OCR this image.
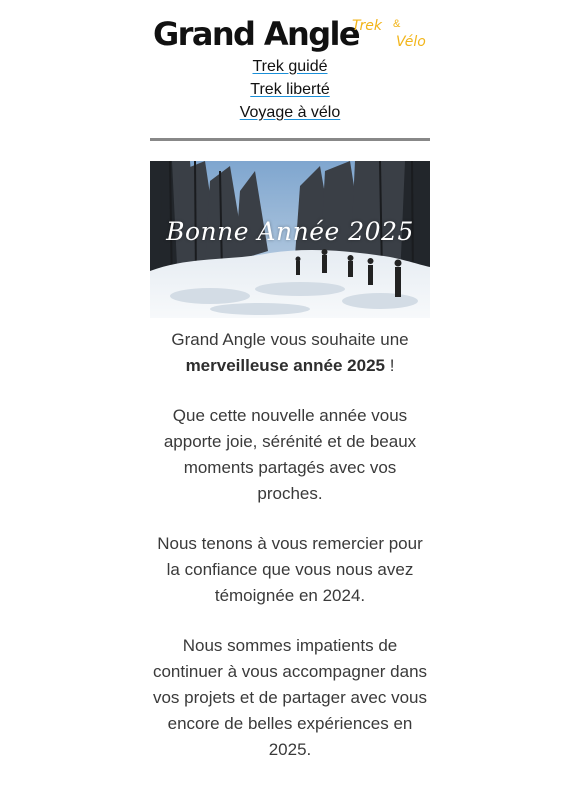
Grand Angle
Trek &
Vélo
Trek guidé
Trek liberté
Voyage à vélo
Bonne Année 2025

Grand Angle vous souhaite une merveilleuse année 2025 !

Que cette nouvelle année vous apporte joie, sérénité et de beaux moments partagés avec vos proches.

Nous tenons à vous remercier pour la confiance que vous nous avez témoignée en 2024.

Nous sommes impatients de continuer à vous accompagner dans vos projets et de partager avec vous encore de belles expériences en 2025.
